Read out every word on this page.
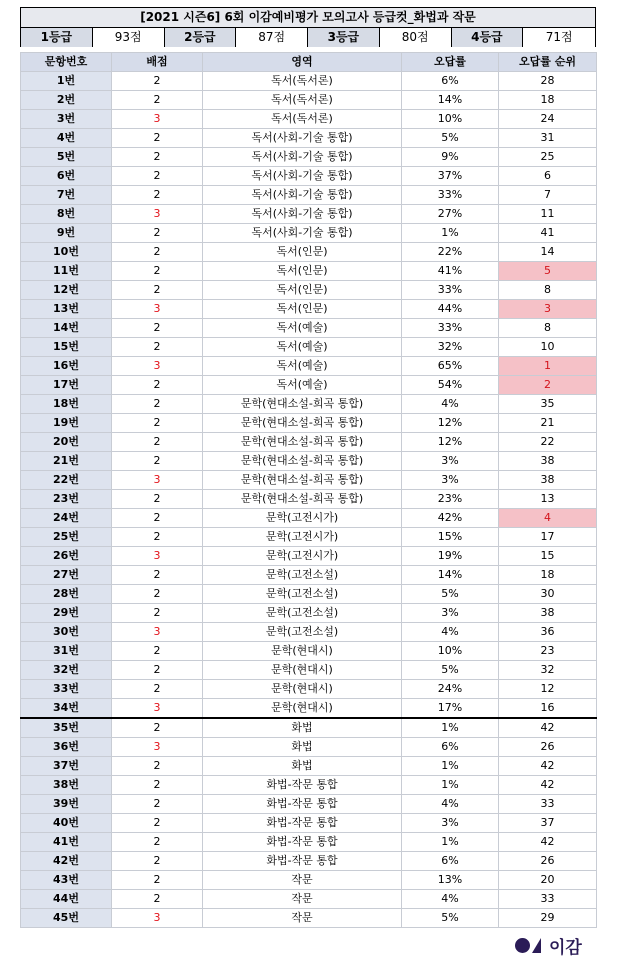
[2021 시즌6] 6회 이감예비평가 모의고사 등급컷_화법과 작문
1등급	93점	2등급	87점	3등급	80점	4등급	71점
문항번호	배점	영역	오답률	오답률 순위
1번	2	독서(독서론)	6%	28
2번	2	독서(독서론)	14%	18
3번	3	독서(독서론)	10%	24
4번	2	독서(사회-기술 통합)	5%	31
5번	2	독서(사회-기술 통합)	9%	25
6번	2	독서(사회-기술 통합)	37%	6
7번	2	독서(사회-기술 통합)	33%	7
8번	3	독서(사회-기술 통합)	27%	11
9번	2	독서(사회-기술 통합)	1%	41
10번	2	독서(인문)	22%	14
11번	2	독서(인문)	41%	5
12번	2	독서(인문)	33%	8
13번	3	독서(인문)	44%	3
14번	2	독서(예술)	33%	8
15번	2	독서(예술)	32%	10
16번	3	독서(예술)	65%	1
17번	2	독서(예술)	54%	2
18번	2	문학(현대소설-희곡 통합)	4%	35
19번	2	문학(현대소설-희곡 통합)	12%	21
20번	2	문학(현대소설-희곡 통합)	12%	22
21번	2	문학(현대소설-희곡 통합)	3%	38
22번	3	문학(현대소설-희곡 통합)	3%	38
23번	2	문학(현대소설-희곡 통합)	23%	13
24번	2	문학(고전시가)	42%	4
25번	2	문학(고전시가)	15%	17
26번	3	문학(고전시가)	19%	15
27번	2	문학(고전소설)	14%	18
28번	2	문학(고전소설)	5%	30
29번	2	문학(고전소설)	3%	38
30번	3	문학(고전소설)	4%	36
31번	2	문학(현대시)	10%	23
32번	2	문학(현대시)	5%	32
33번	2	문학(현대시)	24%	12
34번	3	문학(현대시)	17%	16
35번	2	화법	1%	42
36번	3	화법	6%	26
37번	2	화법	1%	42
38번	2	화법-작문 통합	1%	42
39번	2	화법-작문 통합	4%	33
40번	2	화법-작문 통합	3%	37
41번	2	화법-작문 통합	1%	42
42번	2	화법-작문 통합	6%	26
43번	2	작문	13%	20
44번	2	작문	4%	33
45번	3	작문	5%	29
이감
